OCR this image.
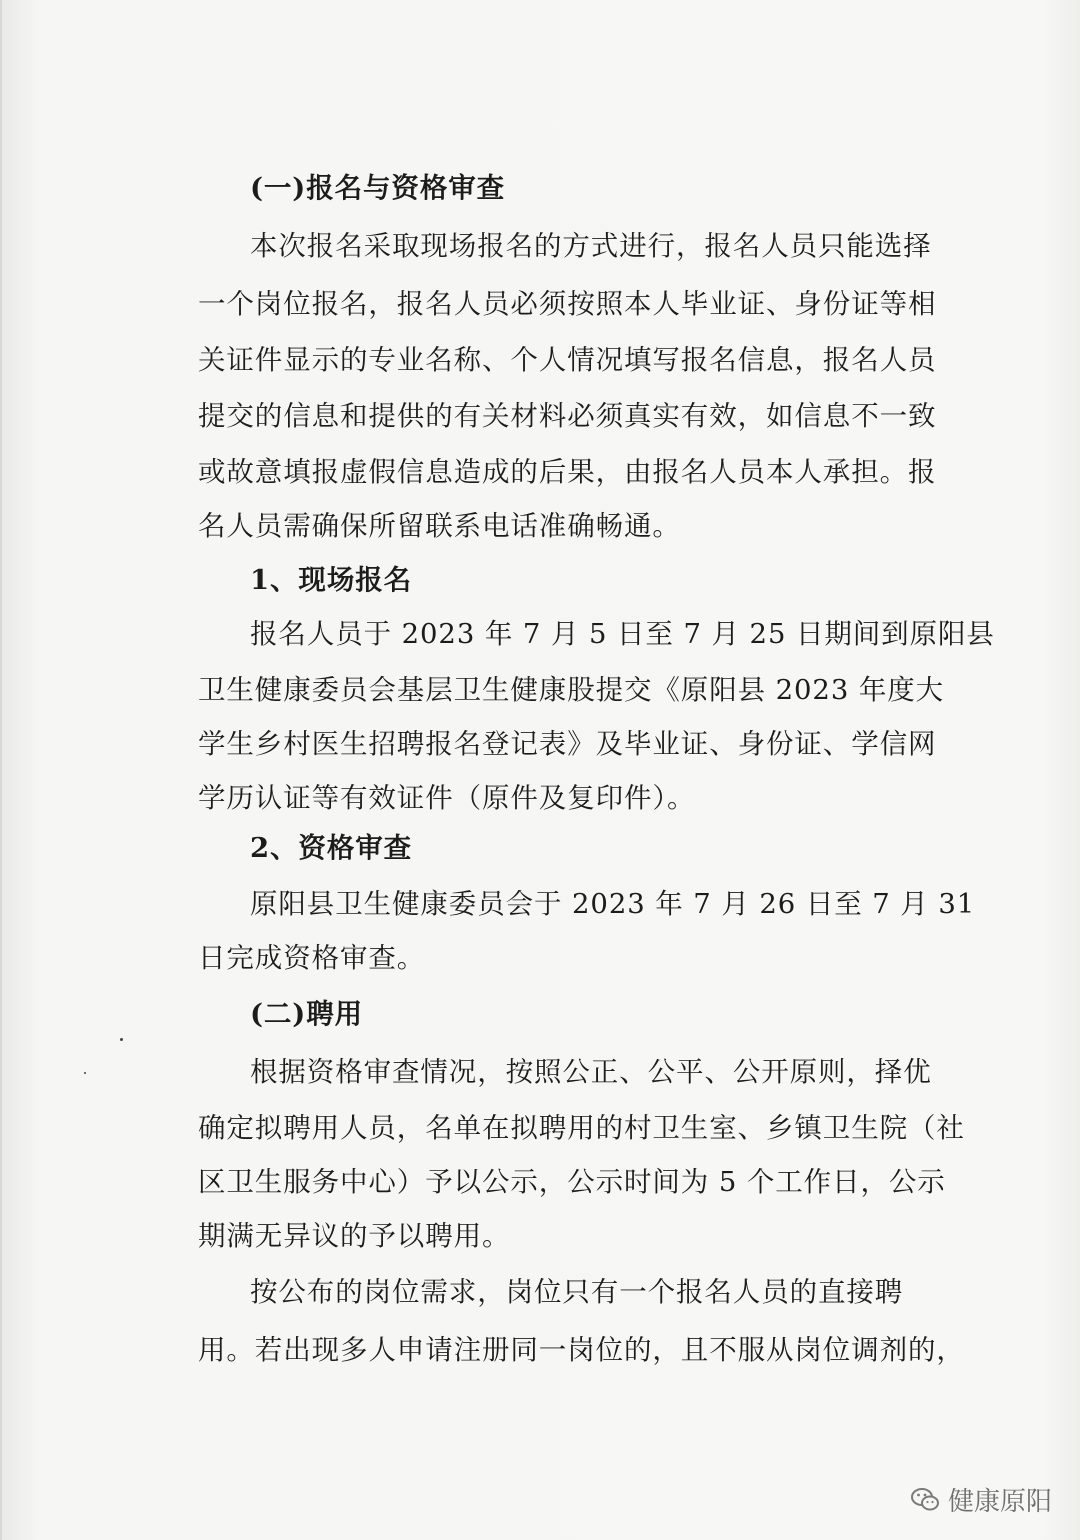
(一)报名与资格审查
本次报名采取现场报名的方式进行，报名人员只能选择
一个岗位报名，报名人员必须按照本人毕业证、身份证等相
关证件显示的专业名称、个人情况填写报名信息，报名人员
提交的信息和提供的有关材料必须真实有效，如信息不一致
或故意填报虚假信息造成的后果，由报名人员本人承担。报
名人员需确保所留联系电话准确畅通。
1、现场报名
报名人员于 2023 年 7 月 5 日至 7 月 25 日期间到原阳县
卫生健康委员会基层卫生健康股提交《原阳县 2023 年度大
学生乡村医生招聘报名登记表》及毕业证、身份证、学信网
学历认证等有效证件（原件及复印件）。
2、资格审查
原阳县卫生健康委员会于 2023 年 7 月 26 日至 7 月 31
日完成资格审查。
(二)聘用
根据资格审查情况，按照公正、公平、公开原则，择优
确定拟聘用人员，名单在拟聘用的村卫生室、乡镇卫生院（社
区卫生服务中心）予以公示，公示时间为 5 个工作日，公示
期满无异议的予以聘用。
按公布的岗位需求，岗位只有一个报名人员的直接聘
用。若出现多人申请注册同一岗位的，且不服从岗位调剂的，
健康原阳
